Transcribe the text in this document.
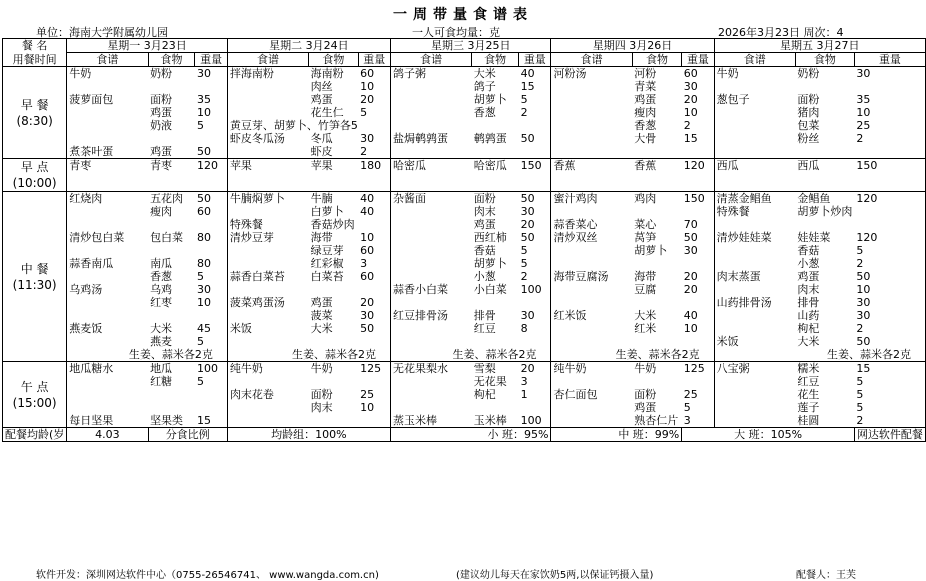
一周带量食谱表
单位：海南大学附属幼儿园	一人可食均量：克	2026年3月23日 周次：4
餐 名	星期一 3月23日			星期二 3月24日			星期三 3月25日			星期四 3月26日			星期五 3月27日		
用餐时间	食谱	食物	重量	食谱	食物	重量	食谱	食物	重量	食谱	食物	重量	食谱	食物	重量

早 餐
(8:30)	牛奶	奶粉	30	拌海南粉	海南粉	60	鸽子粥	大米	40	河粉汤	河粉	60	牛奶	奶粉	30
					肉丝	10		鸽子	15		青菜	30			
	菠萝面包	面粉	35		鸡蛋	20		胡萝卜	5		鸡蛋	20	葱包子	面粉	35
		鸡蛋	10		花生仁	5		香葱	2		瘦肉	10		猪肉	10
		奶液	5	黄豆芽、胡萝卜、竹笋各5							香葱	2		包菜	25
				虾皮冬瓜汤	冬瓜	30	盐焗鹌鹑蛋	鹌鹑蛋	50		大骨	15		粉丝	2
	煮茶叶蛋	鸡蛋	50		虾皮	2									

早 点
(10:00)	青枣	青枣	120	苹果	苹果	180	哈密瓜	哈密瓜	150	香蕉	香蕉	120	西瓜	西瓜	150

中 餐
(11:30)	红烧肉	五花肉	50	牛腩焖萝卜	牛腩	40	杂酱面	面粉	50	蜜汁鸡肉	鸡肉	150	清蒸金鲳鱼	金鲳鱼	120
		瘦肉	60		白萝卜	40		肉末	30				特殊餐	胡萝卜炒肉	
				特殊餐	香菇炒肉			鸡蛋	20	蒜香菜心	菜心	70			
	清炒包白菜	包白菜	80	清炒豆芽	海带	10		西红柿	50	清炒双丝	莴笋	50	清炒娃娃菜	娃娃菜	120
					绿豆芽	60		香菇	5		胡萝卜	30		香菇	5
	蒜香南瓜	南瓜	80		红彩椒	3		胡萝卜	5					小葱	2
		香葱	5	蒜香白菜苔	白菜苔	60		小葱	2	海带豆腐汤	海带	20	肉末蒸蛋	鸡蛋	50
	乌鸡汤	乌鸡	30				蒜香小白菜	小白菜	100		豆腐	20		肉末	10
		红枣	10	菠菜鸡蛋汤	鸡蛋	20							山药排骨汤	排骨	30
					菠菜	30	红豆排骨汤	排骨	30	红米饭	大米	40		山药	30
	燕麦饭	大米	45	米饭	大米	50		红豆	8		红米	10		枸杞	2
		燕麦	5										米饭	大米	50
	生姜、蒜米各2克			生姜、蒜米各2克			生姜、蒜米各2克			生姜、蒜米各2克			生姜、蒜米各2克		

午 点
(15:00)	地瓜糖水	地瓜	100	纯牛奶	牛奶	125	无花果梨水	雪梨	20	纯牛奶	牛奶	125	八宝粥	糯米	15
		红糖	5					无花果	3					红豆	5
				肉末花卷	面粉	25		枸杞	1	杏仁面包	面粉	25		花生	5
					肉末	10					鸡蛋	5		莲子	5
	每日坚果	坚果类	15				蒸玉米棒	玉米棒	100		熟杏仁片	3		桂圆	2
配餐均龄(岁	4.03	分食比例		均龄组：100%			小 班：95%			中 班：99%		大 班：105%			网达软件配餐
软件开发：深圳网达软件中心（0755-26546741、 www.wangda.com.cn)	(建议幼儿每天在家饮奶5两,以保证钙摄入量)	配餐人：王芙
